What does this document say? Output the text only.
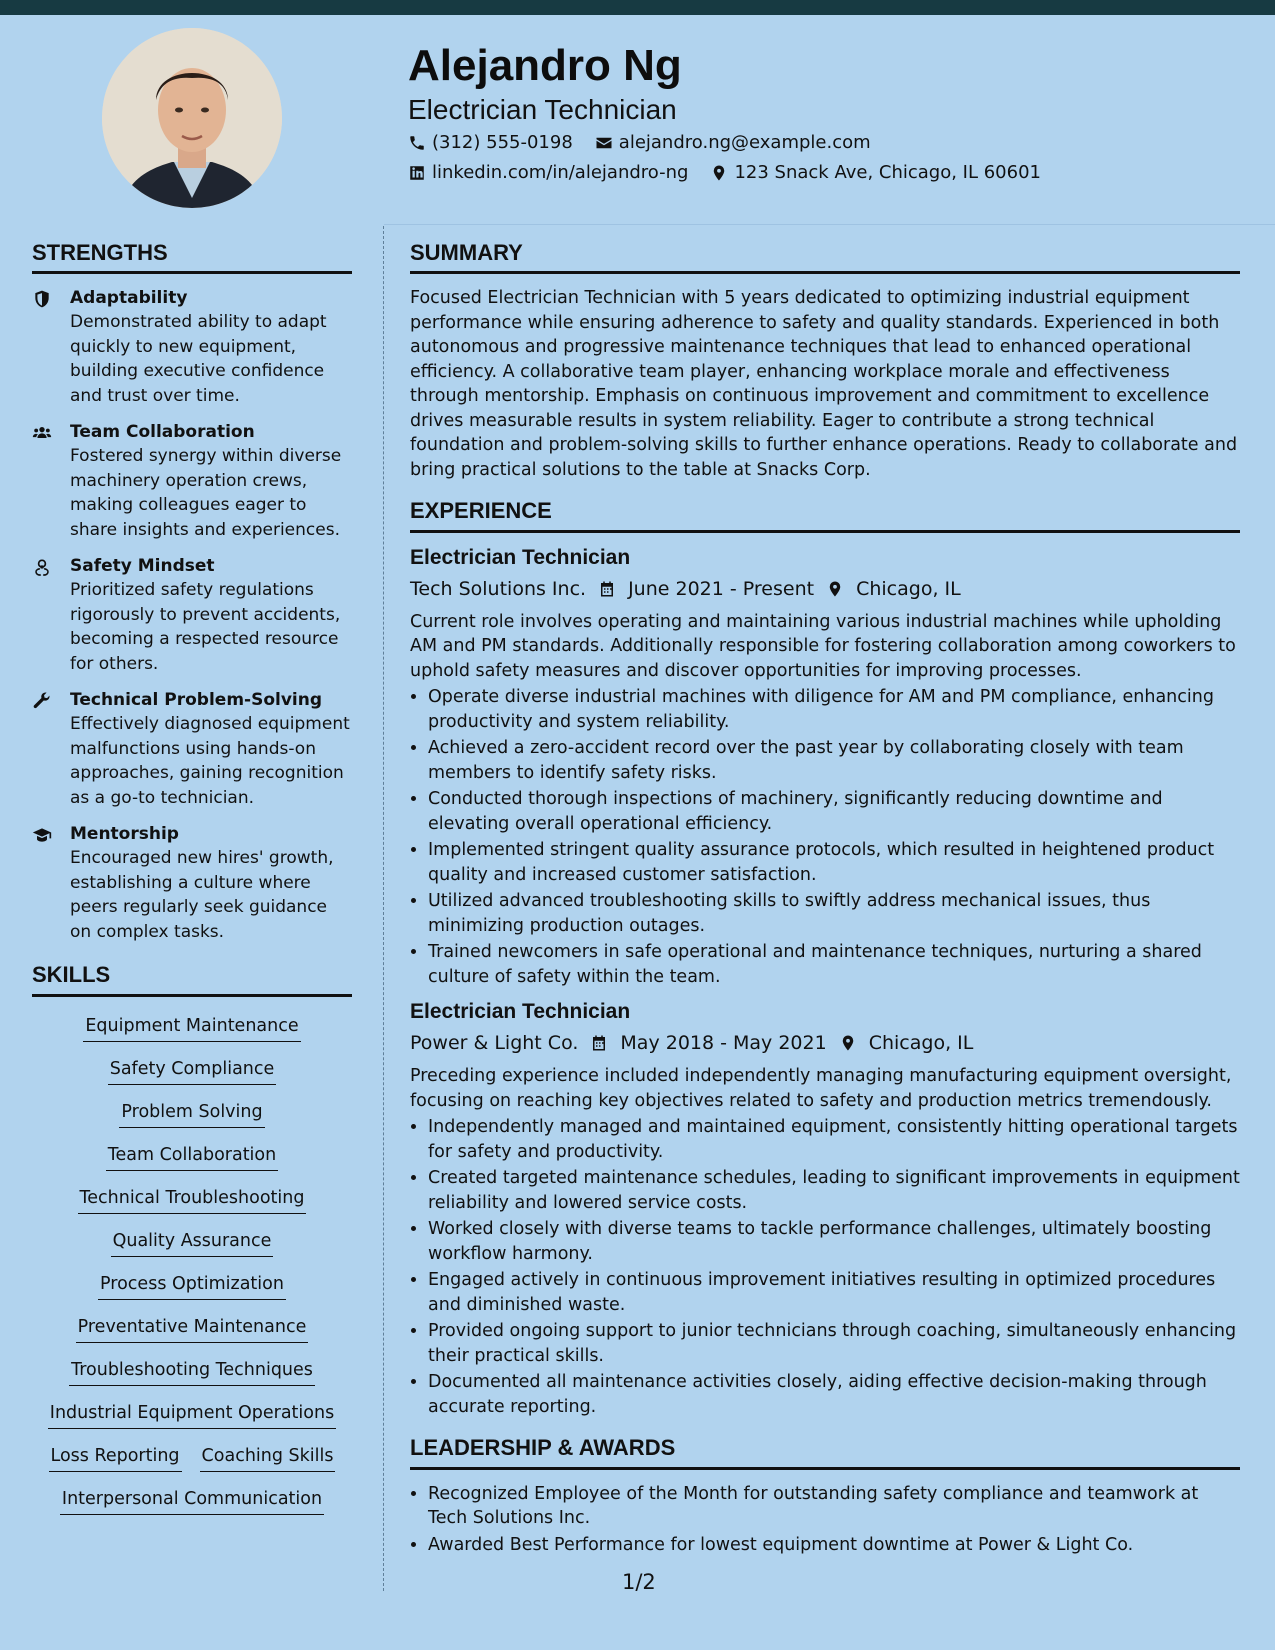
Alejandro Ng
Electrician Technician
(312) 555-0198	alejandro.ng@example.com
linkedin.com/in/alejandro-ng	123 Snack Ave, Chicago, IL 60601
STRENGTHS
Adaptability
Demonstrated ability to adapt quickly to new equipment, building executive confidence and trust over time.
Team Collaboration
Fostered synergy within diverse machinery operation crews, making colleagues eager to share insights and experiences.
Safety Mindset
Prioritized safety regulations rigorously to prevent accidents, becoming a respected resource for others.
Technical Problem-Solving
Effectively diagnosed equipment malfunctions using hands-on approaches, gaining recognition as a go-to technician.
Mentorship
Encouraged new hires' growth, establishing a culture where peers regularly seek guidance on complex tasks.
SKILLS
Equipment Maintenance
Safety Compliance
Problem Solving
Team Collaboration
Technical Troubleshooting
Quality Assurance
Process Optimization
Preventative Maintenance
Troubleshooting Techniques
Industrial Equipment Operations
Loss Reporting Coaching Skills
Interpersonal Communication
SUMMARY

Focused Electrician Technician with 5 years dedicated to optimizing industrial equipment performance while ensuring adherence to safety and quality standards. Experienced in both autonomous and progressive maintenance techniques that lead to enhanced operational efficiency. A collaborative team player, enhancing workplace morale and effectiveness through mentorship. Emphasis on continuous improvement and commitment to excellence drives measurable results in system reliability. Eager to contribute a strong technical foundation and problem-solving skills to further enhance operations. Ready to collaborate and bring practical solutions to the table at Snacks Corp.

EXPERIENCE
Electrician Technician
Tech Solutions Inc. June 2021 - Present Chicago, IL

Current role involves operating and maintaining various industrial machines while upholding AM and PM standards. Additionally responsible for fostering collaboration among coworkers to uphold safety measures and discover opportunities for improving processes.

• Operate diverse industrial machines with diligence for AM and PM compliance, enhancing productivity and system reliability.
• Achieved a zero-accident record over the past year by collaborating closely with team members to identify safety risks.
• Conducted thorough inspections of machinery, significantly reducing downtime and elevating overall operational efficiency.
• Implemented stringent quality assurance protocols, which resulted in heightened product quality and increased customer satisfaction.
• Utilized advanced troubleshooting skills to swiftly address mechanical issues, thus minimizing production outages.
• Trained newcomers in safe operational and maintenance techniques, nurturing a shared culture of safety within the team.
Electrician Technician
Power & Light Co. May 2018 - May 2021 Chicago, IL

Preceding experience included independently managing manufacturing equipment oversight, focusing on reaching key objectives related to safety and production metrics tremendously.

• Independently managed and maintained equipment, consistently hitting operational targets for safety and productivity.
• Created targeted maintenance schedules, leading to significant improvements in equipment reliability and lowered service costs.
• Worked closely with diverse teams to tackle performance challenges, ultimately boosting workflow harmony.
• Engaged actively in continuous improvement initiatives resulting in optimized procedures and diminished waste.
• Provided ongoing support to junior technicians through coaching, simultaneously enhancing their practical skills.
• Documented all maintenance activities closely, aiding effective decision-making through accurate reporting.
LEADERSHIP & AWARDS
• Recognized Employee of the Month for outstanding safety compliance and teamwork at Tech Solutions Inc.
• Awarded Best Performance for lowest equipment downtime at Power & Light Co.
1/2
